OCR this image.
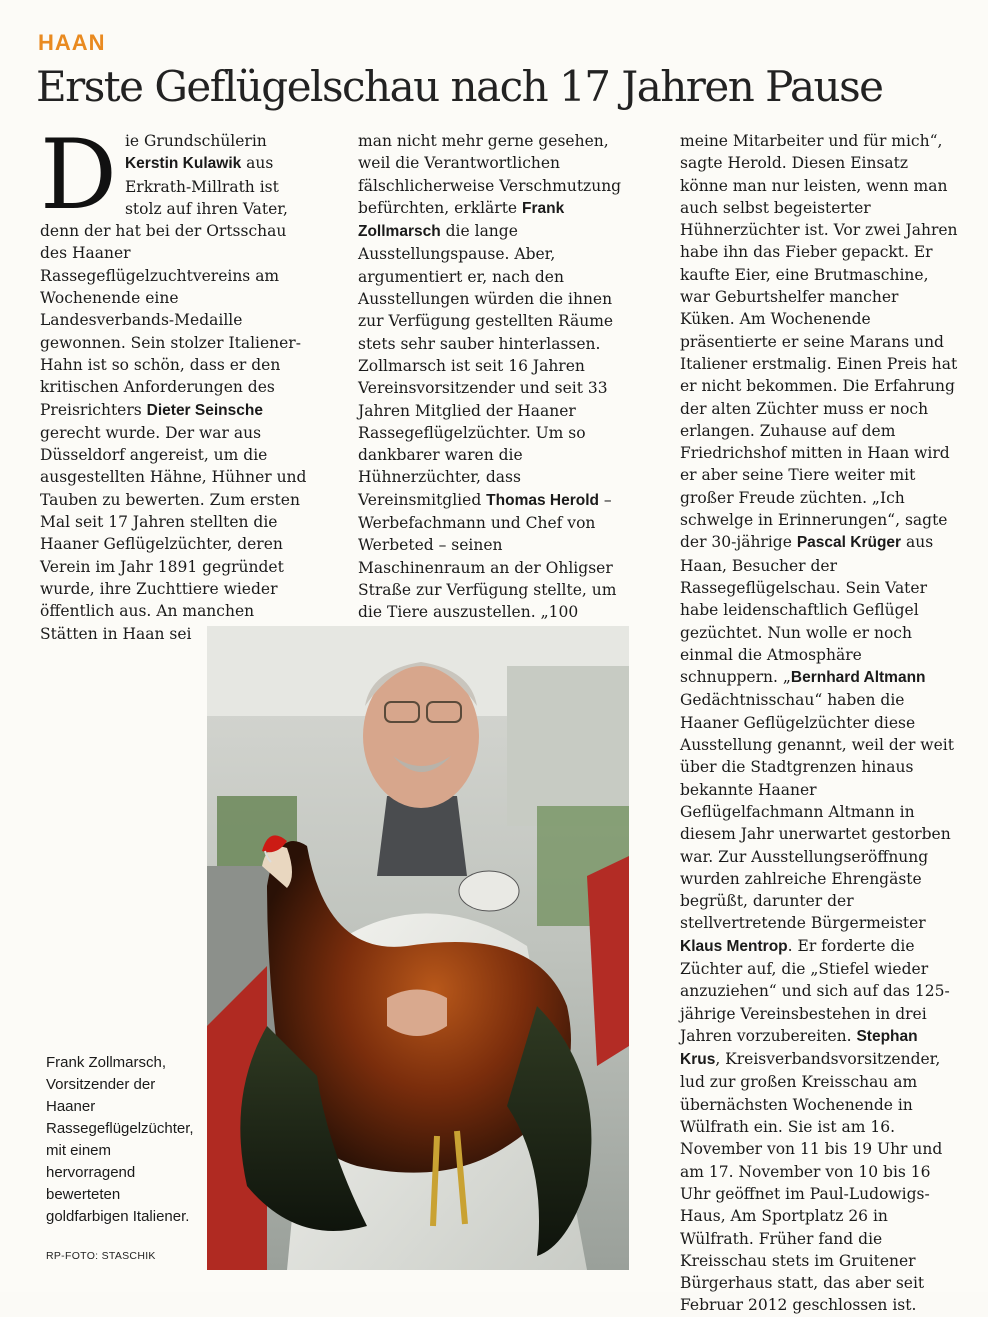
HAAN
Erste Geflügelschau nach 17 Jahren Pause
D ie Grundschülerin Kerstin Kulawik aus Erkrath-Millrath ist stolz auf ihren Vater, denn der hat bei der Ortsschau des Haaner Rassegeflügelzuchtvereins am Wochenende eine Landesverbands-Medaille gewonnen. Sein stolzer Italiener-Hahn ist so schön, dass er den kritischen Anforderungen des Preisrichters Dieter Seinsche gerecht wurde. Der war aus Düsseldorf angereist, um die ausgestellten Hähne, Hühner und Tauben zu bewerten. Zum ersten Mal seit 17 Jahren stellten die Haaner Geflügelzüchter, deren Verein im Jahr 1891 gegründet wurde, ihre Zuchttiere wieder öffentlich aus. An manchen Stätten in Haan sei
man nicht mehr gerne gesehen, weil die Verantwortlichen fälschlicherweise Verschmutzung befürchten, erklärte Frank Zollmarsch die lange Ausstellungspause. Aber, argumentiert er, nach den Ausstellungen würden die ihnen zur Verfügung gestellten Räume stets sehr sauber hinterlassen. Zollmarsch ist seit 16 Jahren Vereinsvorsitzender und seit 33 Jahren Mitglied der Haaner Rassegeflügelzüchter. Um so dankbarer waren die Hühnerzüchter, dass Vereinsmitglied Thomas Herold – Werbefachmann und Chef von Werbeted – seinen Maschinenraum an der Ohligser Straße zur Verfügung stellte, um die Tiere auszustellen. „100
meine Mitarbeiter und für mich“, sagte Herold. Diesen Einsatz könne man nur leisten, wenn man auch selbst begeisterter Hühnerzüchter ist. Vor zwei Jahren habe ihn das Fieber gepackt. Er kaufte Eier, eine Brutmaschine, war Geburtshelfer mancher Küken. Am Wochenende präsentierte er seine Marans und Italiener erstmalig. Einen Preis hat er nicht bekommen. Die Erfahrung der alten Züchter muss er noch erlangen. Zuhause auf dem Friedrichshof mitten in Haan wird er aber seine Tiere weiter mit großer Freude züchten. „Ich schwelge in Erinnerungen“, sagte der 30-jährige Pascal Krüger aus Haan, Besucher der Rassegeflügelschau. Sein Vater habe leidenschaftlich Geflügel gezüchtet. Nun wolle er noch einmal die Atmosphäre schnuppern. „Bernhard Altmann Gedächtnisschau“ haben die Haaner Geflügelzüchter diese Ausstellung genannt, weil der weit über die Stadtgrenzen hinaus bekannte Haaner Geflügelfachmann Altmann in diesem Jahr unerwartet gestorben war. Zur Ausstellungseröffnung wurden zahlreiche Ehrengäste begrüßt, darunter der stellvertretende Bürgermeister Klaus Mentrop. Er forderte die Züchter auf, die „Stiefel wieder anzuziehen“ und sich auf das 125-jährige Vereinsbestehen in drei Jahren vorzubereiten. Stephan Krus, Kreisverbandsvorsitzender, lud zur großen Kreisschau am übernächsten Wochenende in Wülfrath ein. Sie ist am 16. November von 11 bis 19 Uhr und am 17. November von 10 bis 16 Uhr geöffnet im Paul-Ludowigs-Haus, Am Sportplatz 26 in Wülfrath. Früher fand die Kreisschau stets im Gruitener Bürgerhaus statt, das aber seit Februar 2012 geschlossen ist.
Frank Zollmarsch, Vorsitzender der Haaner Rassegeflügelzüchter, mit einem hervorragend bewerteten goldfarbigen Italiener.
RP-FOTO: STASCHIK
